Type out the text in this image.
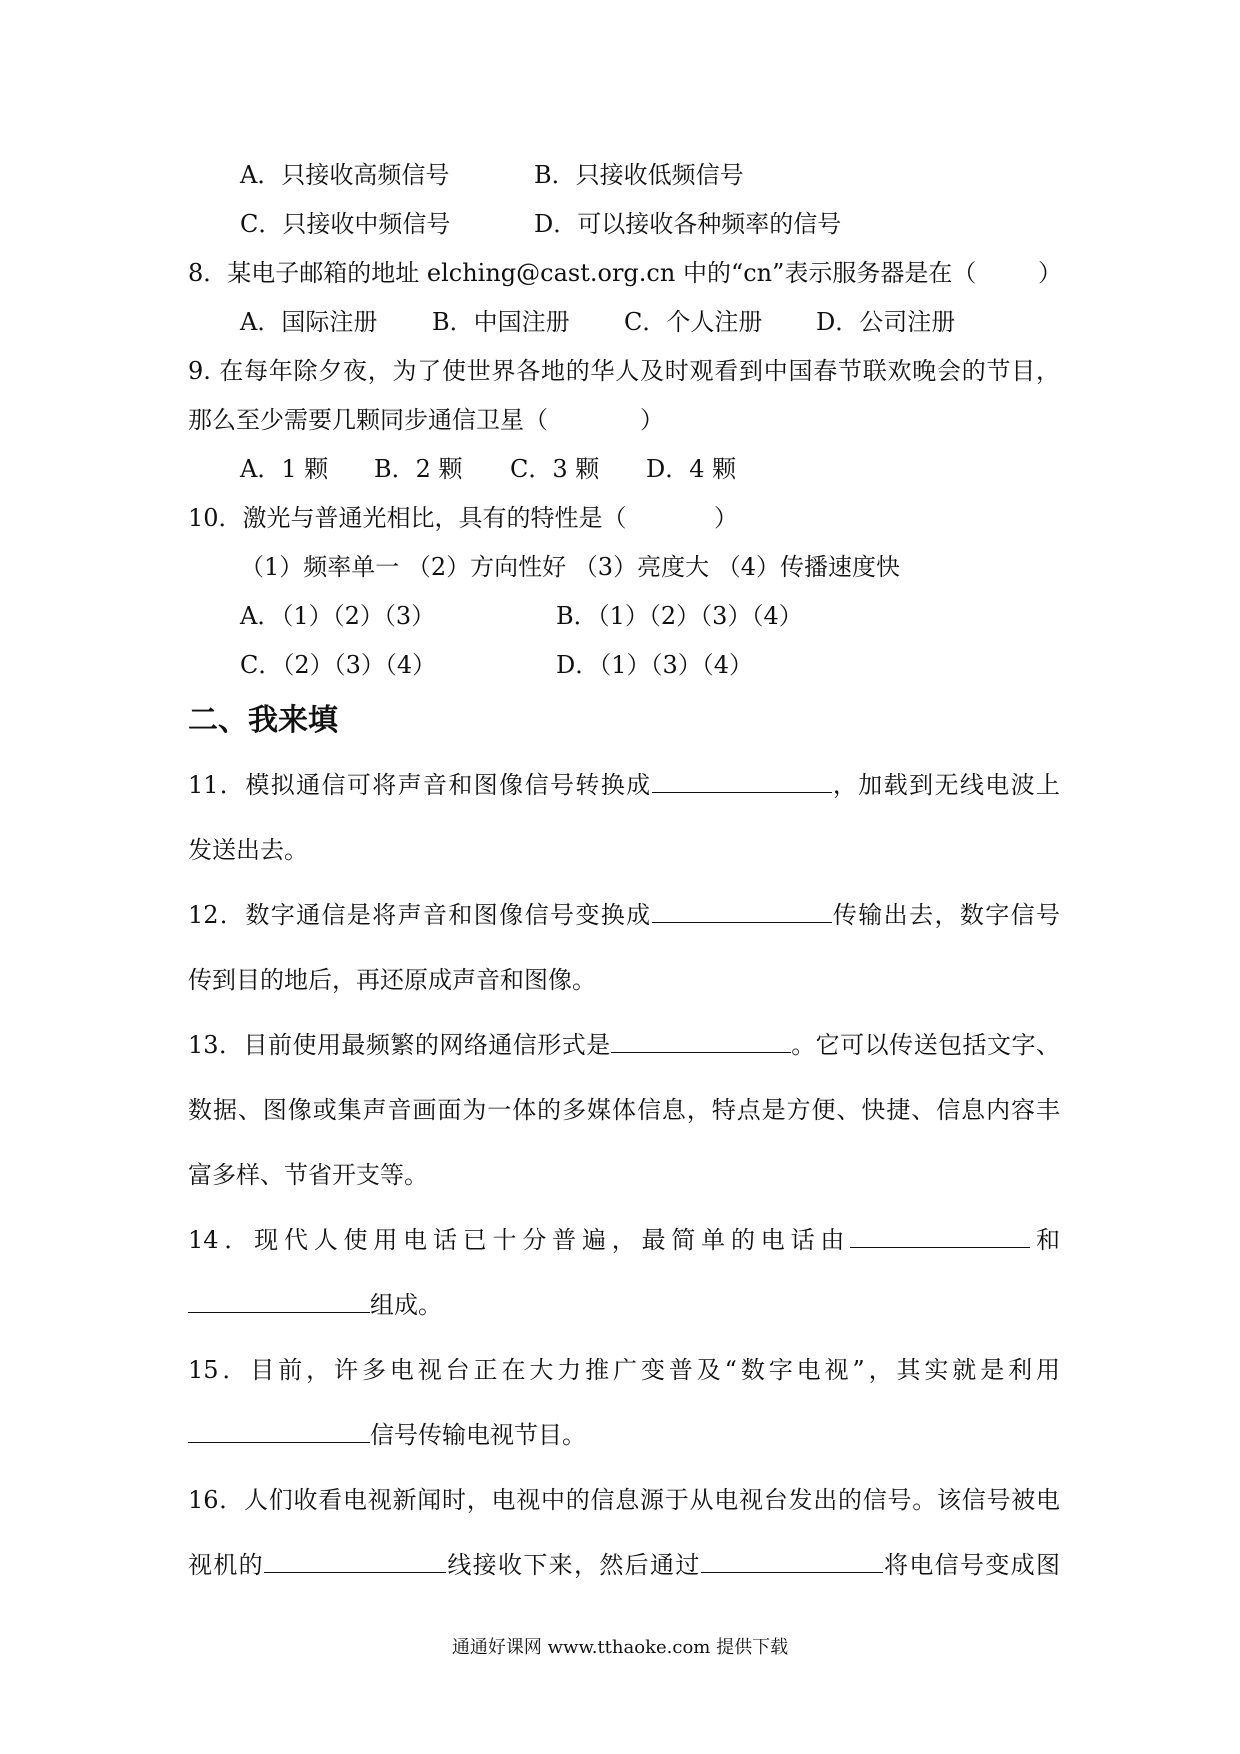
A．只接收高频信号	B．只接收低频信号
C．只接收中频信号	D．可以接收各种频率的信号
8．某电子邮箱的地址 elching@cast.org.cn 中的“cn”表示服务器是在（	）
A．国际注册 B．中国注册 C．个人注册 D．公司注册
9. 在每年除夕夜，为了使世界各地的华人及时观看到中国春节联欢晚会的节目，
那么至少需要几颗同步通信卫星（	）
A．1 颗 B．2 颗 C．3 颗 D．4 颗
10．激光与普通光相比，具有的特性是（	）
（1）频率单一 （2）方向性好 （3）亮度大 （4）传播速度快
A．（1）（2）（3）	B．（1）（2）（3）（4）
C．（2）（3）（4）	D．（1）（3）（4）
二、我来填
11．模拟通信可将声音和图像信号转换成	，加载到无线电波上
发送出去。
12．数字通信是将声音和图像信号变换成	传输出去，数字信号
传到目的地后，再还原成声音和图像。
13．目前使用最频繁的网络通信形式是	。它可以传送包括文字、
数据、图像或集声音画面为一体的多媒体信息，特点是方便、快捷、信息内容丰
富多样、节省开支等。
14．现代人使用电话已十分普遍，最简单的电话由	和
组成。
15．目前，许多电视台正在大力推广变普及“数字电视”，其实就是利用
信号传输电视节目。
16．人们收看电视新闻时，电视中的信息源于从电视台发出的信号。该信号被电
视机的	线接收下来，然后通过	将电信号变成图
通通好课网 www.tthaoke.com 提供下载
